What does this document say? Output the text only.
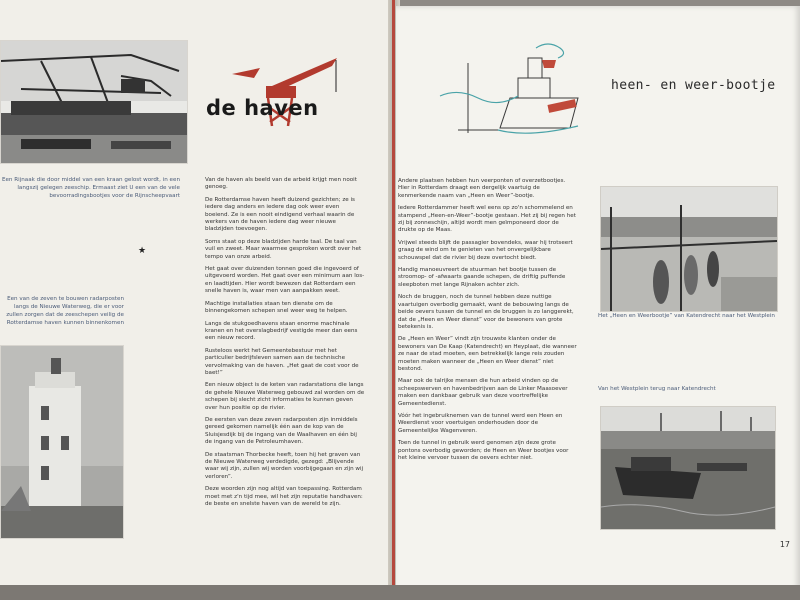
Een Rijnaak die door middel van een kraan gelost wordt, in een langszij gelegen zeeschip. Ermaast ziet U een van de vele bevoorradingsbootjes voor de Rijnscheepvaart
★
Een van de zeven te bouwen radarposten langs de Nieuwe Waterweg, die er voor zullen zorgen dat de zeeschepen veilig de Rotterdamse haven kunnen binnenkomen
de haven

Van de haven als beeld van de arbeid krijgt men nooit genoeg.

De Rotterdamse haven heeft duizend gezichten; ze is iedere dag anders en iedere dag ook weer even boeiend. Ze is een nooit eindigend verhaal waarin de werkers van de haven iedere dag weer nieuwe bladzijden toevoegen.

Soms staat op deze bladzijden harde taal. De taal van vuil en zweet. Maar waarmee gesproken wordt over het tempo van onze arbeid.

Het gaat over duizenden tonnen goed die ingevoerd of uitgevoerd worden. Het gaat over een minimum aan los- en laadtijden. Hier wordt bewezen dat Rotterdam een snelle haven is, waar men van aanpakken weet.

Machtige installaties staan ten dienste om de binnengekomen schepen snel weer weg te helpen.

Langs de stukgoedhavens staan enorme machinale kranen en het overslagbedrijf vestigde meer dan eens een nieuw record.

Rusteloos werkt het Gemeentebestuur met het particulier bedrijfsleven samen aan de technische vervolmaking van de haven. „Het gaat de cost voor de baet!”

Een nieuw object is de keten van radarstations die langs de gehele Nieuwe Waterweg gebouwd zal worden om de schepen bij slecht zicht informaties te kunnen geven over hun positie op de rivier.

De eersten van deze zeven radarposten zijn inmiddels gereed gekomen namelijk één aan de kop van de Sluisjesdijk bij de ingang van de Waalhaven en één bij de ingang van de Petroleumhaven.

De staatsman Thorbecke heeft, toen hij het graven van de Nieuwe Waterweg verdedigde, gezegd: „Blijvende waar wij zijn, zullen wij worden voorbijgegaan en zijn wij verloren”.

Deze woorden zijn nog altijd van toepassing. Rotterdam moet met z'n tijd mee, wil het zijn reputatie handhaven: de beste en snelste haven van de wereld te zijn.

heen- en weer-bootje

Andere plaatsen hebben hun veerponten of overzetbootjes. Hier in Rotterdam draagt een dergelijk vaartuig de kenmerkende naam van „Heen en Weer”-bootje.

Iedere Rotterdammer heeft wel eens op zo'n schommelend en stampend „Heen-en-Weer”-bootje gestaan. Het zij bij regen het zij bij zonneschijn, altijd wordt men geïmponeerd door de drukte op de Maas.

Vrijwel steeds blijft de passagier bovendeks, waar hij trotseert graag de wind om te genieten van het onvergelijkbare schouwspel dat de rivier bij deze overtocht biedt.

Handig manoeuvreert de stuurman het bootje tussen de stroomop- of -afwaarts gaande schepen, de driftig puffende sleepboten met lange Rijnaken achter zich.

Noch de bruggen, noch de tunnel hebben deze nuttige vaartuigen overbodig gemaakt, want de bebouwing langs de beide oevers tussen de tunnel en de bruggen is zo langgerekt, dat de „Heen en Weer dienst” voor de bewoners van grote betekenis is.

De „Heen en Weer” vindt zijn trouwste klanten onder de bewoners van De Kaap (Katendrecht) en Heyplaat, die wanneer ze naar de stad moeten, een betrekkelijk lange reis zouden moeten maken wanneer de „Heen en Weer dienst” niet bestond.

Maar ook de talrijke mensen die hun arbeid vinden op de scheepswerven en havenbedrijven aan de Linker Maasoever maken een dankbaar gebruik van deze voortreffelijke Gemeentedienst.

Vóór het ingebruiknemen van de tunnel werd een Heen en Weerdienst voor voertuigen onderhouden door de Gemeentelijke Wagenveren.

Toen de tunnel in gebruik werd genomen zijn deze grote pontons overbodig geworden; de Heen en Weer bootjes voor het kleine vervoer tussen de oevers echter niet.

Het „Heen en Weerbootje” van Katendrecht naar het Westplein
Van het Westplein terug naar Katendrecht
17
